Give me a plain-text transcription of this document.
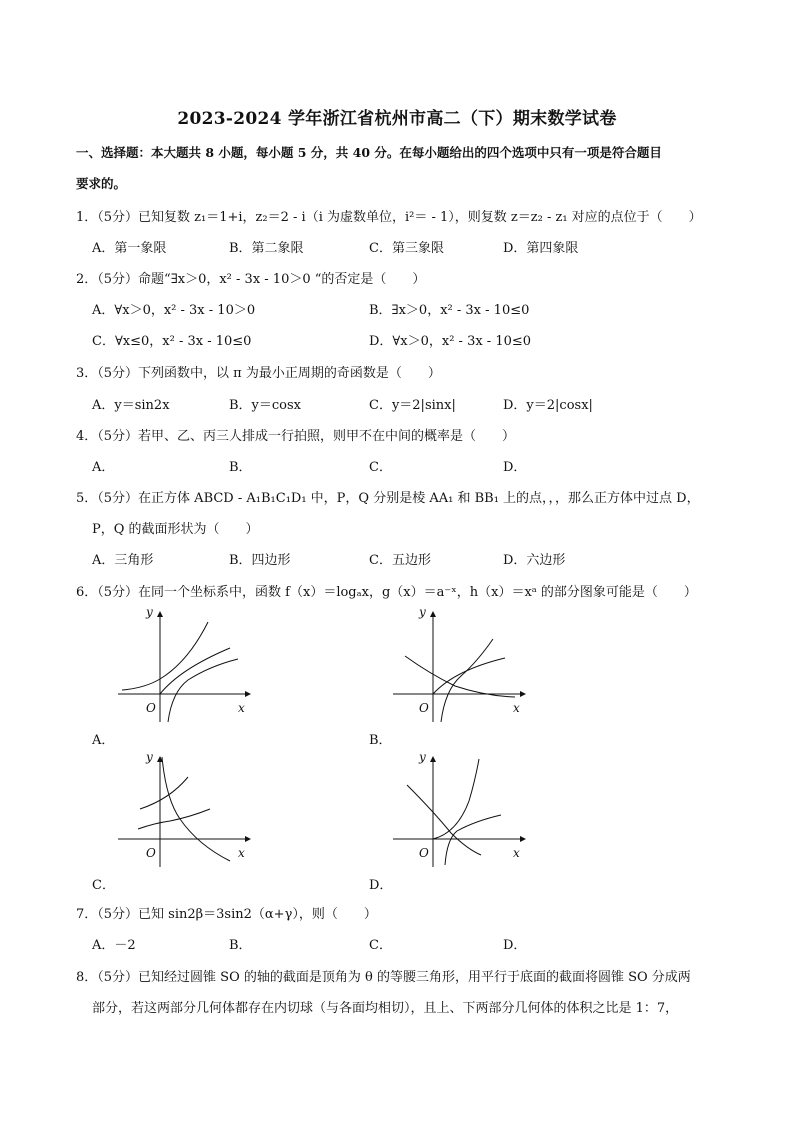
2023-2024 学年浙江省杭州市高二（下）期末数学试卷
一、选择题：本大题共 8 小题，每小题 5 分，共 40 分。在每小题给出的四个选项中只有一项是符合题目
要求的。
1．（5分）已知复数 z₁＝1+i，z₂＝2 - i（i 为虚数单位，i²＝ - 1），则复数 z＝z₂ - z₁ 对应的点位于（　　）
A．第一象限	B．第二象限	C．第三象限	D．第四象限
2．（5分）命题“∃x＞0，x² - 3x - 10＞0 “的否定是（　　）
A．∀x＞0，x² - 3x - 10＞0	B．∃x＞0，x² - 3x - 10≤0
C．∀x≤0，x² - 3x - 10≤0	D．∀x＞0，x² - 3x - 10≤0
3．（5分）下列函数中，以 π 为最小正周期的奇函数是（　　）
A．y＝sin2x	B．y＝cosx	C．y＝2|sinx|	D．y＝2|cosx|
4．（5分）若甲、乙、丙三人排成一行拍照，则甲不在中间的概率是（　　）
A．	B．	C．	D．
5．（5分）在正方体 ABCD - A₁B₁C₁D₁ 中，P，Q 分别是棱 AA₁ 和 BB₁ 上的点，，，那么正方体中过点 D，
P，Q 的截面形状为（　　）
A．三角形	B．四边形	C．五边形	D．六边形
6．（5分）在同一个坐标系中，函数 f（x）＝logₐx，g（x）＝a⁻ˣ，h（x）＝xᵃ 的部分图象可能是（　　）
y
x
O
A．
y
x
O
B．
y
x
O
C．
y
x
O
D．
7．（5分）已知 sin2β＝3sin2（α+γ），则（　　）
A．－2	B．	C．	D．
8．（5分）已知经过圆锥 SO 的轴的截面是顶角为 θ 的等腰三角形，用平行于底面的截面将圆锥 SO 分成两
部分，若这两部分几何体都存在内切球（与各面均相切），且上、下两部分几何体的体积之比是 1：7，
